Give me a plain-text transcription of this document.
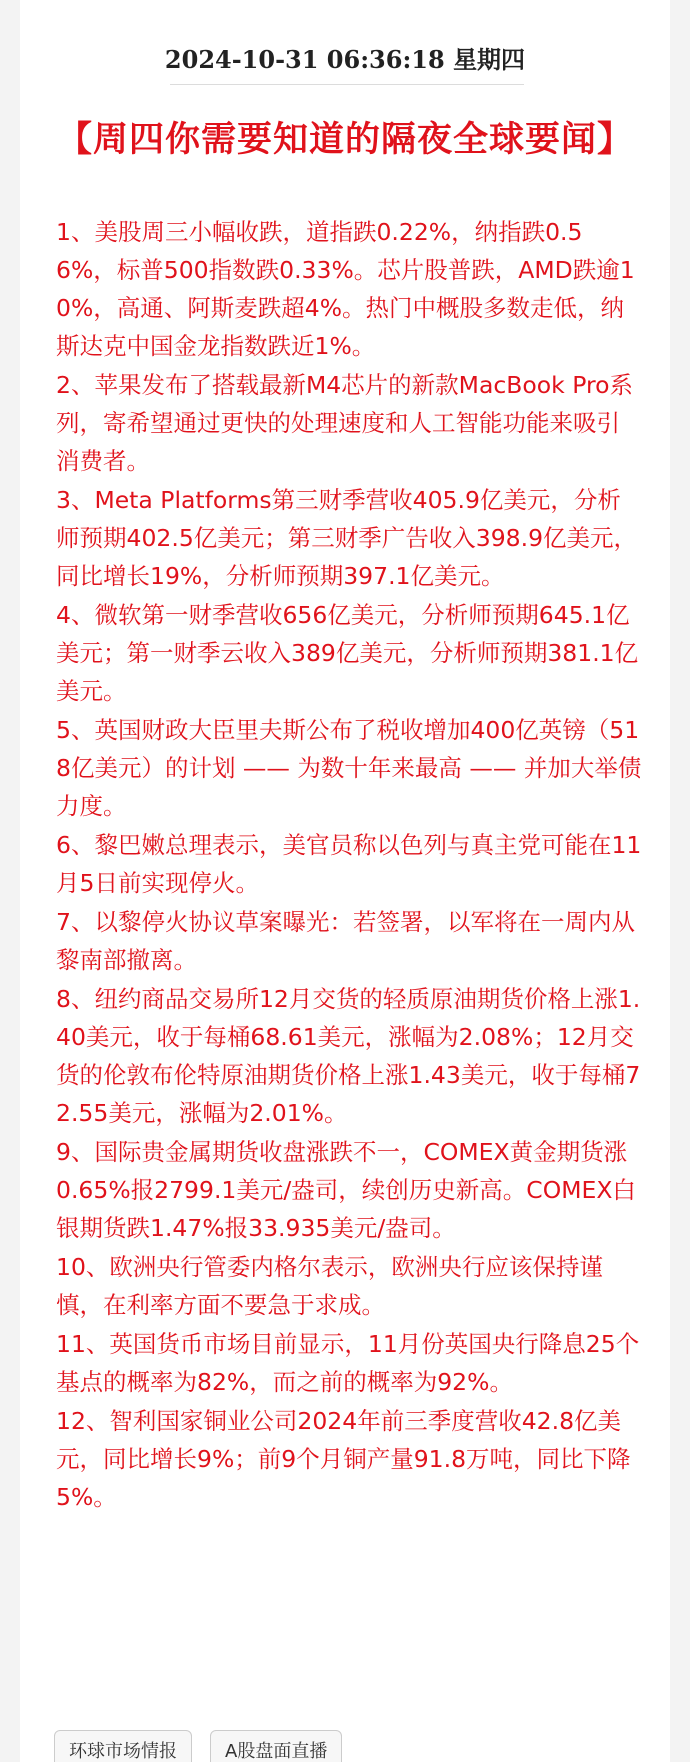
2024-10-31 06:36:18 星期四
【周四你需要知道的隔夜全球要闻】
1、美股周三小幅收跌，道指跌0.22%，纳指跌0.56%，标普500指数跌0.33%。芯片股普跌，AMD跌逾10%，高通、阿斯麦跌超4%。热门中概股多数走低，纳斯达克中国金龙指数跌近1%。
2、苹果发布了搭载最新M4芯片的新款MacBook Pro系列，寄希望通过更快的处理速度和人工智能功能来吸引消费者。
3、Meta Platforms第三财季营收405.9亿美元，分析师预期402.5亿美元；第三财季广告收入398.9亿美元，同比增长19%，分析师预期397.1亿美元。
4、微软第一财季营收656亿美元，分析师预期645.1亿美元；第一财季云收入389亿美元，分析师预期381.1亿美元。
5、英国财政大臣里夫斯公布了税收增加400亿英镑（518亿美元）的计划 —— 为数十年来最高 —— 并加大举债力度。
6、黎巴嫩总理表示，美官员称以色列与真主党可能在11月5日前实现停火。
7、以黎停火协议草案曝光：若签署，以军将在一周内从黎南部撤离。
8、纽约商品交易所12月交货的轻质原油期货价格上涨1.40美元，收于每桶68.61美元，涨幅为2.08%；12月交货的伦敦布伦特原油期货价格上涨1.43美元，收于每桶72.55美元，涨幅为2.01%。
9、国际贵金属期货收盘涨跌不一，COMEX黄金期货涨0.65%报2799.1美元/盎司，续创历史新高。COMEX白银期货跌1.47%报33.935美元/盎司。
10、欧洲央行管委内格尔表示，欧洲央行应该保持谨慎，在利率方面不要急于求成。
11、英国货币市场目前显示，11月份英国央行降息25个基点的概率为82%，而之前的概率为92%。
12、智利国家铜业公司2024年前三季度营收42.8亿美元，同比增长9%；前9个月铜产量91.8万吨，同比下降5%。
环球市场情报	A股盘面直播
